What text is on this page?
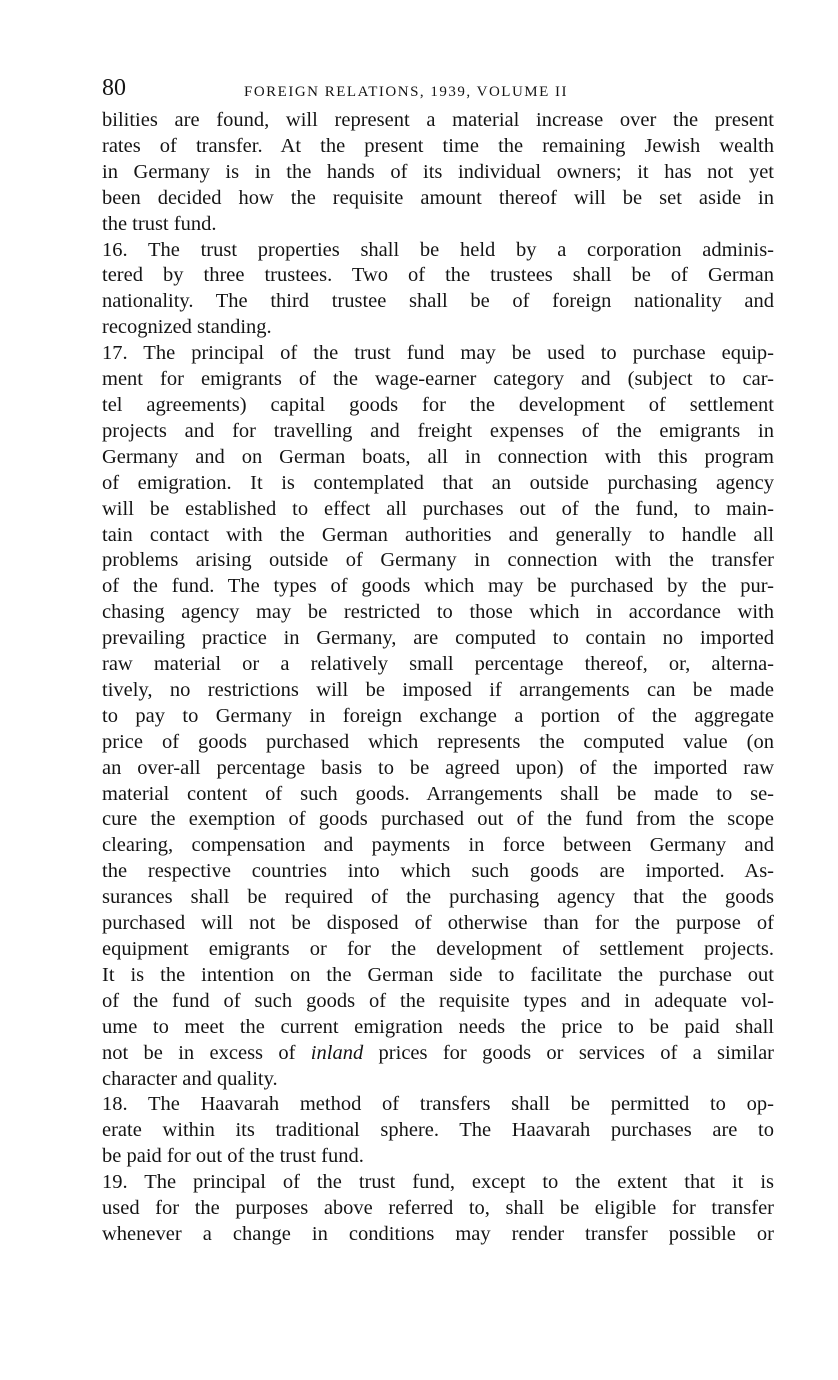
80	FOREIGN RELATIONS, 1939, VOLUME II

bilities are found, will represent a material increase over the present
rates of transfer. At the present time the remaining Jewish wealth
in Germany is in the hands of its individual owners; it has not yet
been decided how the requisite amount thereof will be set aside in
the trust fund.

16. The trust properties shall be held by a corporation adminis-
tered by three trustees. Two of the trustees shall be of German
nationality. The third trustee shall be of foreign nationality and
recognized standing.

17. The principal of the trust fund may be used to purchase equip-
ment for emigrants of the wage-earner category and (subject to car-
tel agreements) capital goods for the development of settlement
projects and for travelling and freight expenses of the emigrants in
Germany and on German boats, all in connection with this program
of emigration. It is contemplated that an outside purchasing agency
will be established to effect all purchases out of the fund, to main-
tain contact with the German authorities and generally to handle all
problems arising outside of Germany in connection with the transfer
of the fund. The types of goods which may be purchased by the pur-
chasing agency may be restricted to those which in accordance with
prevailing practice in Germany, are computed to contain no imported
raw material or a relatively small percentage thereof, or, alterna-
tively, no restrictions will be imposed if arrangements can be made
to pay to Germany in foreign exchange a portion of the aggregate
price of goods purchased which represents the computed value (on
an over-all percentage basis to be agreed upon) of the imported raw
material content of such goods. Arrangements shall be made to se-
cure the exemption of goods purchased out of the fund from the scope
clearing, compensation and payments in force between Germany and
the respective countries into which such goods are imported. As-
surances shall be required of the purchasing agency that the goods
purchased will not be disposed of otherwise than for the purpose of
equipment emigrants or for the development of settlement projects.
It is the intention on the German side to facilitate the purchase out
of the fund of such goods of the requisite types and in adequate vol-
ume to meet the current emigration needs the price to be paid shall
not be in excess of inland prices for goods or services of a similar
character and quality.

18. The Haavarah method of transfers shall be permitted to op-
erate within its traditional sphere. The Haavarah purchases are to
be paid for out of the trust fund.

19. The principal of the trust fund, except to the extent that it is
used for the purposes above referred to, shall be eligible for transfer
whenever a change in conditions may render transfer possible or
